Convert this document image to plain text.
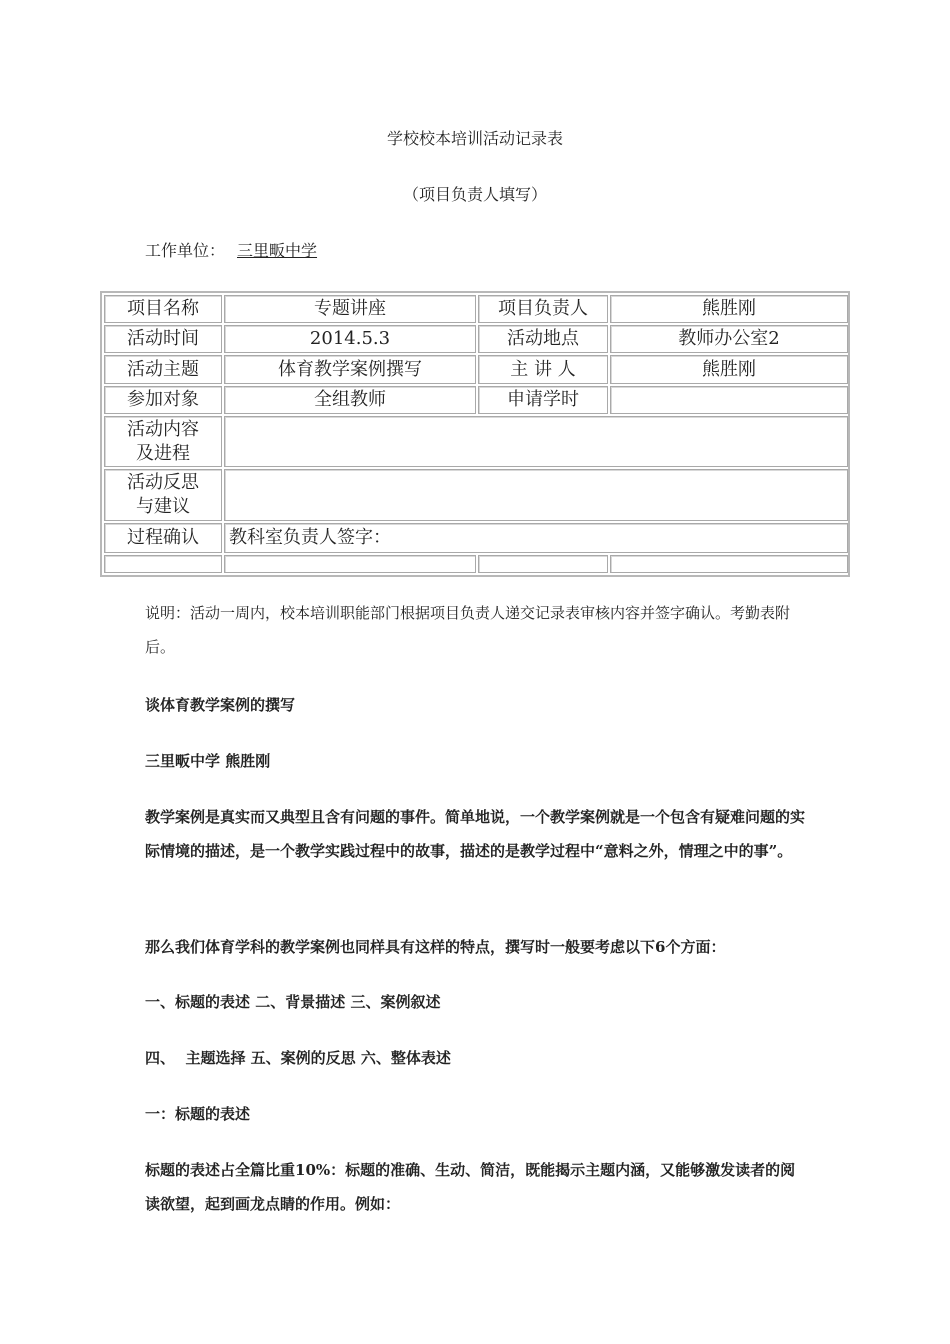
学校校本培训活动记录表
（项目负责人填写）
工作单位： 三里畈中学
项目名称	专题讲座	项目负责人	熊胜刚
活动时间	2014.5.3	活动地点	教师办公室2
活动主题	体育教学案例撰写	主 讲 人	熊胜刚
参加对象	全组教师	申请学时	

活动内容
及进程			

活动反思
与建议			

过程确认	教科室负责人签字：		

说明：活动一周内，校本培训职能部门根据项目负责人递交记录表审核内容并签字确认。考勤表附后。
谈体育教学案例的撰写
三里畈中学 熊胜刚
教学案例是真实而又典型且含有问题的事件。简单地说，一个教学案例就是一个包含有疑难问题的实际情境的描述，是一个教学实践过程中的故事，描述的是教学过程中“意料之外，情理之中的事”。
那么我们体育学科的教学案例也同样具有这样的特点，撰写时一般要考虑以下6个方面：
一、标题的表述 二、背景描述 三、案例叙述
四、  主题选择 五、案例的反思 六、整体表述
一：标题的表述
标题的表述占全篇比重10%：标题的准确、生动、简洁，既能揭示主题内涵，又能够激发读者的阅读欲望，起到画龙点睛的作用。例如：
